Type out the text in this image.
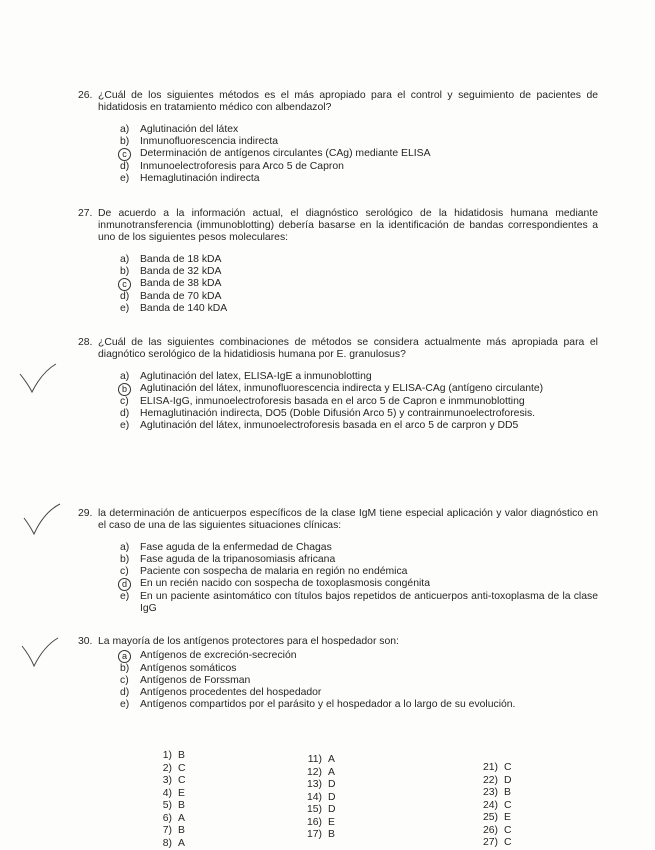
26. ¿Cuál de los siguientes métodos es el más apropiado para el control y seguimiento de pacientes de hidatidosis en tratamiento médico con albendazol?
a)	Aglutinación del látex
b)	Inmunofluorescencia indirecta
c	Determinación de antígenos circulantes (CAg) mediante ELISA
d)	Inmunoelectroforesis para Arco 5 de Capron
e)	Hemaglutinación indirecta
27. De acuerdo a la información actual, el diagnóstico serológico de la hidatidosis humana mediante inmunotransferencia (immunoblotting) debería basarse en la identificación de bandas correspondientes a uno de los siguientes pesos moleculares:
a)	Banda de 18 kDA
b)	Banda de 32 kDA
c	Banda de 38 kDA
d)	Banda de 70 kDA
e)	Banda de 140 kDA
28. ¿Cuál de las siguientes combinaciones de métodos se considera actualmente más apropiada para el diagnótico serológico de la hidatidiosis humana por E. granulosus?
a)	Aglutinación del latex, ELISA-IgE a inmunoblotting
b	Aglutinación del látex, inmunofluorescencia indirecta y ELISA-CAg (antígeno circulante)
c)	ELISA-IgG, inmunoelectroforesis basada en el arco 5 de Capron e inmmunoblotting
d)	Hemaglutinación indirecta, DO5 (Doble Difusión Arco 5) y contrainmunoelectroforesis.
e)	Aglutinación del látex, inmunoelectroforesis basada en el arco 5 de carpron y DD5
29. la determinación de anticuerpos específicos de la clase IgM tiene especial aplicación y valor diagnóstico en el caso de una de las siguientes situaciones clínicas:
a)	Fase aguda de la enfermedad de Chagas
b)	Fase aguda de la tripanosomiasis africana
c)	Paciente con sospecha de malaria en región no endémica
d	En un recién nacido con sospecha de toxoplasmosis congénita
e)	En un paciente asintomático con títulos bajos repetidos de anticuerpos anti-toxoplasma de la clase IgG
30. La mayoría de los antígenos protectores para el hospedador son:
a	Antígenos de excreción-secreción
b)	Antígenos somáticos
c)	Antígenos de Forssman
d)	Antígenos procedentes del hospedador
e)	Antígenos compartidos por el parásito y el hospedador a lo largo de su evolución.
1) B
2) C
3) C
4) E
5) B
6) A
7) B
8) A
11) A
12) A
13) D
14) D
15) D
16) E
17) B
21) C
22) D
23) B
24) C
25) E
26) C
27) C
